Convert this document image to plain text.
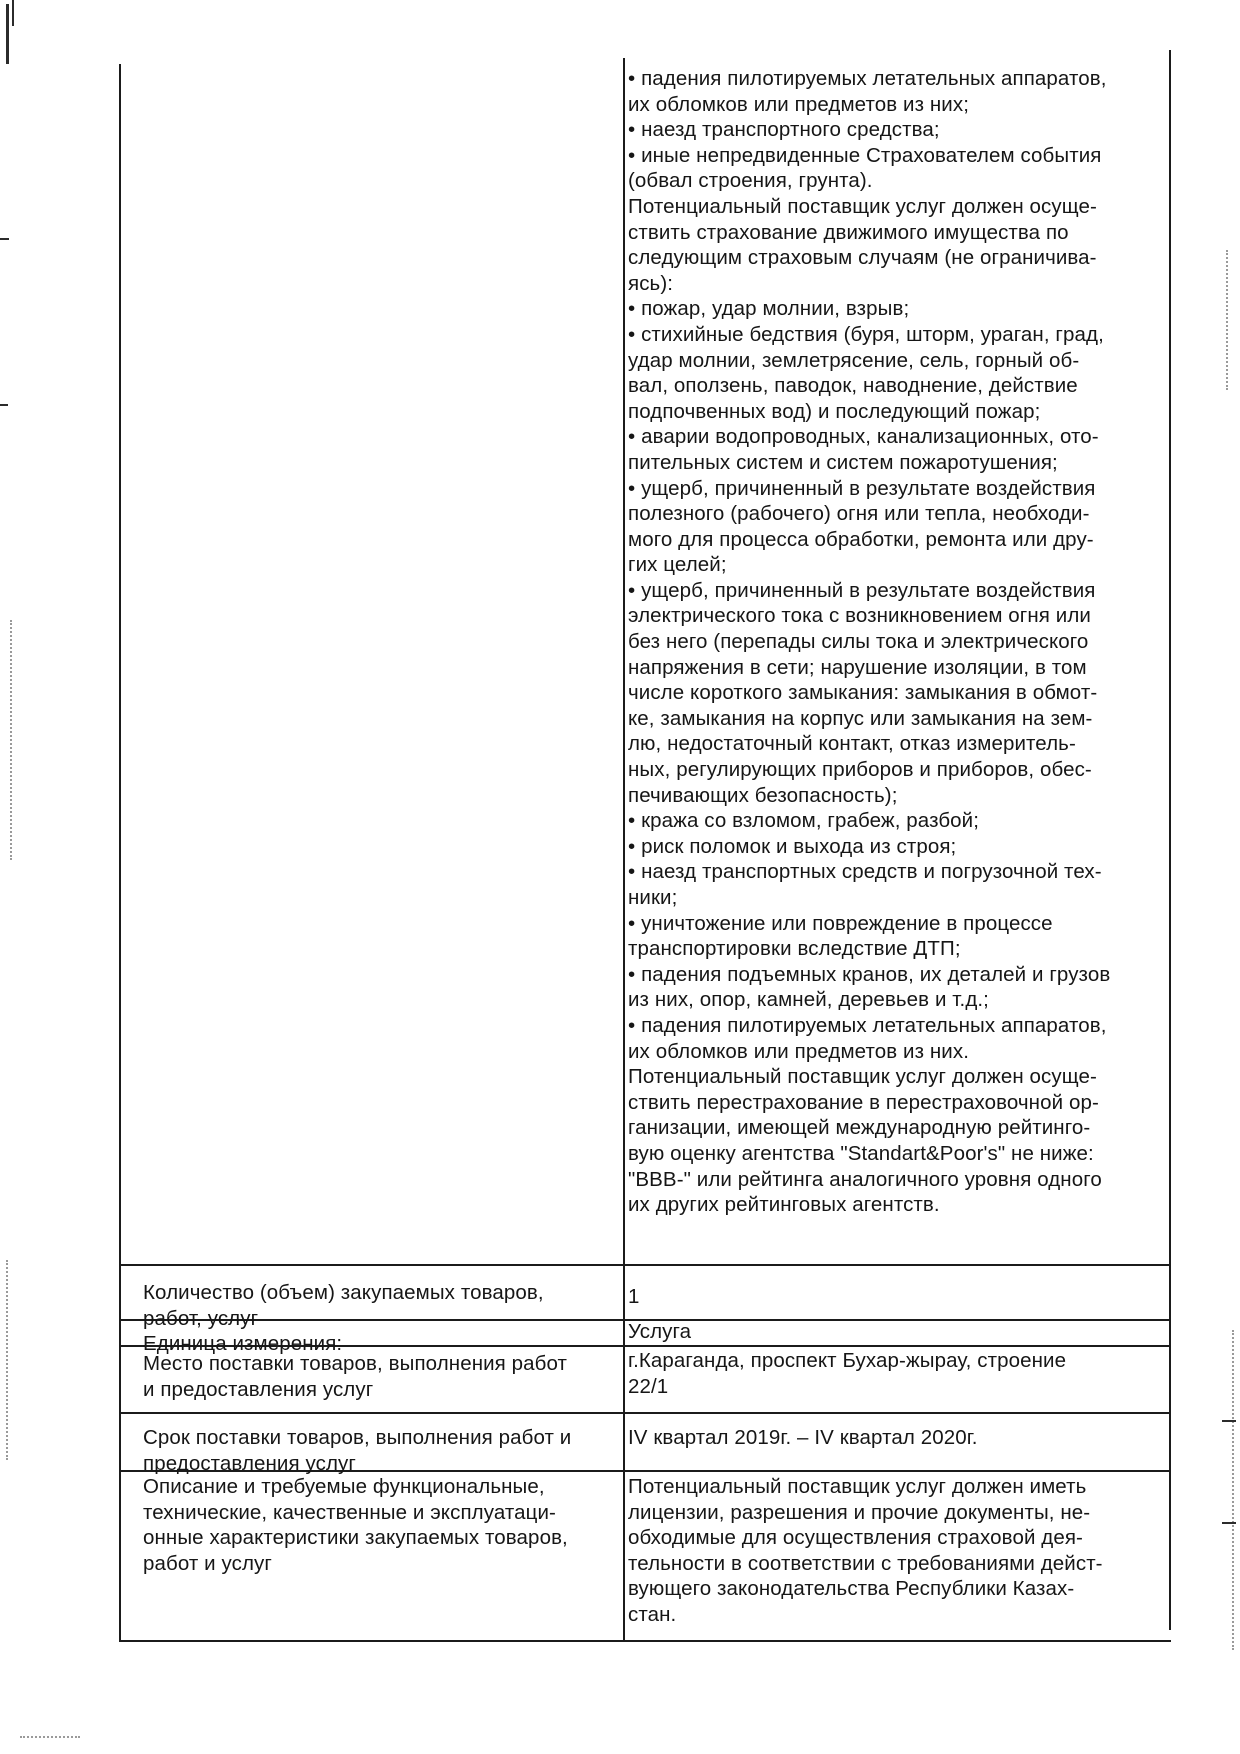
• падения пилотируемых летательных аппаратов,
их обломков или предметов из них;
• наезд транспортного средства;
• иные непредвиденные Страхователем события
(обвал строения, грунта).
Потенциальный поставщик услуг должен осуще-
ствить страхование движимого имущества по
следующим страховым случаям (не ограничива-
ясь):
• пожар, удар молнии, взрыв;
• стихийные бедствия (буря, шторм, ураган, град,
удар молнии, землетрясение, сель, горный об-
вал, оползень, паводок, наводнение, действие
подпочвенных вод) и последующий пожар;
• аварии водопроводных, канализационных, ото-
пительных систем и систем пожаротушения;
• ущерб, причиненный в результате воздействия
полезного (рабочего) огня или тепла, необходи-
мого для процесса обработки, ремонта или дру-
гих целей;
• ущерб, причиненный в результате воздействия
электрического тока с возникновением огня или
без него (перепады силы тока и электрического
напряжения в сети; нарушение изоляции, в том
числе короткого замыкания: замыкания в обмот-
ке, замыкания на корпус или замыкания на зем-
лю, недостаточный контакт, отказ измеритель-
ных, регулирующих приборов и приборов, обес-
печивающих безопасность);
• кража со взломом, грабеж, разбой;
• риск поломок и выхода из строя;
• наезд транспортных средств и погрузочной тех-
ники;
• уничтожение или повреждение в процессе
транспортировки вследствие ДТП;
• падения подъемных кранов, их деталей и грузов
из них, опор, камней, деревьев и т.д.;
• падения пилотируемых летательных аппаратов,
их обломков или предметов из них.
Потенциальный поставщик услуг должен осуще-
ствить перестрахование в перестраховочной ор-
ганизации, имеющей международную рейтинго-
вую оценку агентства "Standart&Poor's" не ниже:
"BBB-" или рейтинга аналогичного уровня одного
их других рейтинговых агентств.
Количество (объем) закупаемых товаров,
работ, услуг
1
Единица измерения:
Услуга
Место поставки товаров, выполнения работ
и предоставления услуг
г.Караганда, проспект Бухар-жырау, строение
22/1
Срок поставки товаров, выполнения работ и
предоставления услуг
IV квартал 2019г. – IV квартал 2020г.
Описание и требуемые функциональные,
технические, качественные и эксплуатаци-
онные характеристики закупаемых товаров,
работ и услуг
Потенциальный поставщик услуг должен иметь
лицензии, разрешения и прочие документы, не-
обходимые для осуществления страховой дея-
тельности в соответствии с требованиями дейст-
вующего законодательства Республики Казах-
стан.
